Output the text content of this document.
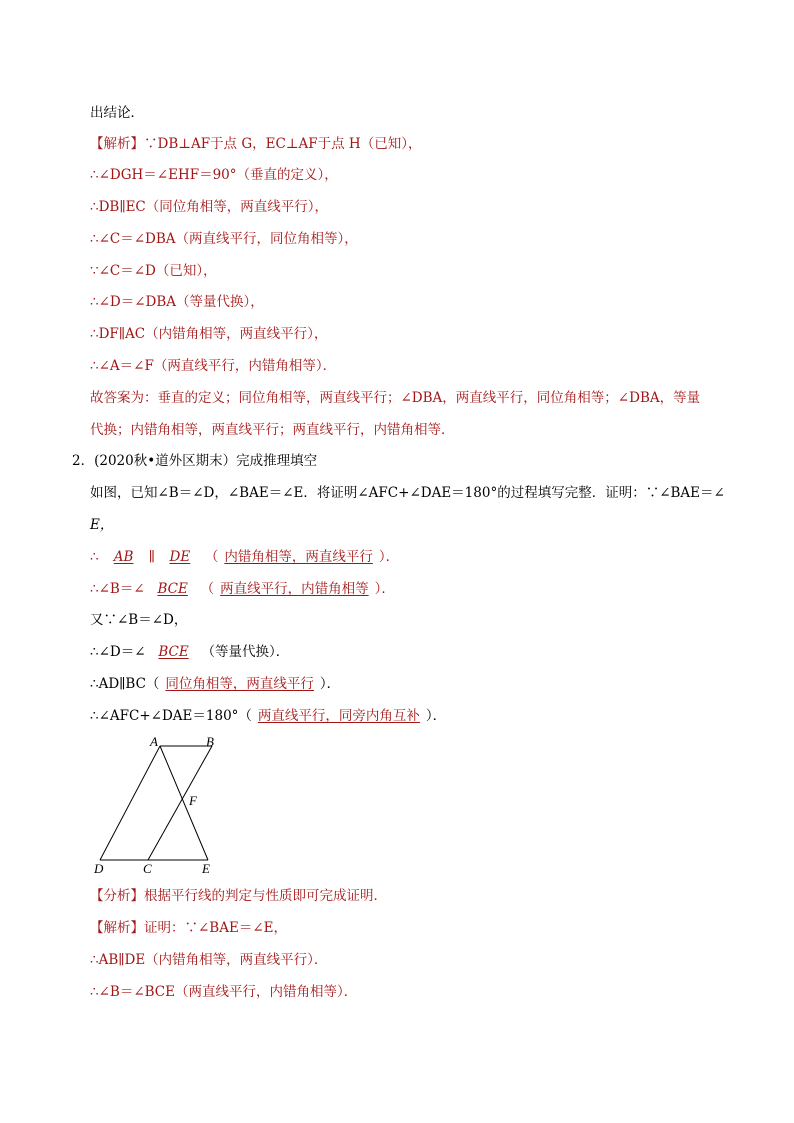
出结论．
【解析】∵DB⊥AF于点 G，EC⊥AF于点 H（已知），
∴∠DGH＝∠EHF＝90°（垂直的定义），
∴DB∥EC（同位角相等，两直线平行），
∴∠C＝∠DBA（两直线平行，同位角相等），
∵∠C＝∠D（已知），
∴∠D＝∠DBA（等量代换），
∴DF∥AC（内错角相等，两直线平行），
∴∠A＝∠F（两直线平行，内错角相等）．
故答案为：垂直的定义；同位角相等，两直线平行；∠DBA，两直线平行，同位角相等；∠DBA，等量
代换；内错角相等，两直线平行；两直线平行，内错角相等．
2．(2020秋•道外区期末）完成推理填空
如图，已知∠B＝∠D，∠BAE＝∠E．将证明∠AFC+∠DAE＝180°的过程填写完整．证明：∵∠BAE＝∠
E，
∴ AB ∥ DE （ 内错角相等，两直线平行 ）．
∴∠B＝∠ BCE （ 两直线平行，内错角相等 ）．
又∵∠B＝∠D，
∴∠D＝∠ BCE （等量代换）．
∴AD∥BC（ 同位角相等，两直线平行 ）．
∴∠AFC+∠DAE＝180°（ 两直线平行，同旁内角互补 ）．
A	B
F
D	C	E
【分析】根据平行线的判定与性质即可完成证明．
【解析】证明：∵∠BAE＝∠E，
∴AB∥DE（内错角相等，两直线平行）．
∴∠B＝∠BCE（两直线平行，内错角相等）．
